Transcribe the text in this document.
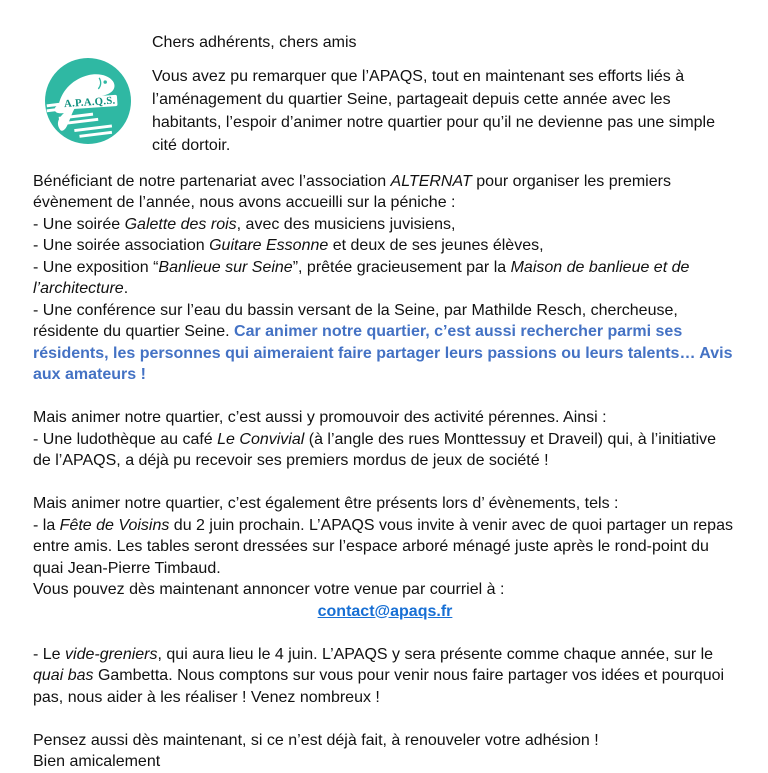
A.P.A.Q.S.

Chers adhérents, chers amis

Vous avez pu remarquer que l’APAQS, tout en maintenant ses efforts liés à l’aménagement du quartier Seine, partageait depuis cette année avec les habitants, l’espoir d’animer notre quartier pour qu’il ne devienne pas une simple cité dortoir.

Bénéficiant de notre partenariat avec l’association ALTERNAT pour organiser les premiers évènement de l’année, nous avons accueilli sur la péniche :

- Une soirée Galette des rois, avec des musiciens juvisiens,

- Une soirée association Guitare Essonne et deux de ses jeunes élèves,

- Une exposition “Banlieue sur Seine”, prêtée gracieusement par la Maison de banlieue et de l’architecture.

- Une conférence sur l’eau du bassin versant de la Seine, par Mathilde Resch, chercheuse, résidente du quartier Seine. Car animer notre quartier, c’est aussi rechercher parmi ses résidents, les personnes qui aimeraient faire partager leurs passions ou leurs talents… Avis aux amateurs !

Mais animer notre quartier, c’est aussi y promouvoir des activité pérennes. Ainsi :

- Une ludothèque au café Le Convivial (à l’angle des rues Monttessuy et Draveil) qui, à l’initiative de l’APAQS, a déjà pu recevoir ses premiers mordus de jeux de société !

Mais animer notre quartier, c’est également être présents lors d’ évènements, tels :

- la Fête de Voisins du 2 juin prochain. L’APAQS vous invite à venir avec de quoi partager un repas entre amis. Les tables seront dressées sur l’espace arboré ménagé juste après le rond-point du quai Jean-Pierre Timbaud.

Vous pouvez dès maintenant annoncer votre venue par courriel à :

contact@apaqs.fr

- Le vide-greniers, qui aura lieu le 4 juin. L’APAQS y sera présente comme chaque année, sur le quai bas Gambetta. Nous comptons sur vous pour venir nous faire partager vos idées et pourquoi pas, nous aider à les réaliser ! Venez nombreux !

Pensez aussi dès maintenant, si ce n’est déjà fait, à renouveler votre adhésion !

Bien amicalement
